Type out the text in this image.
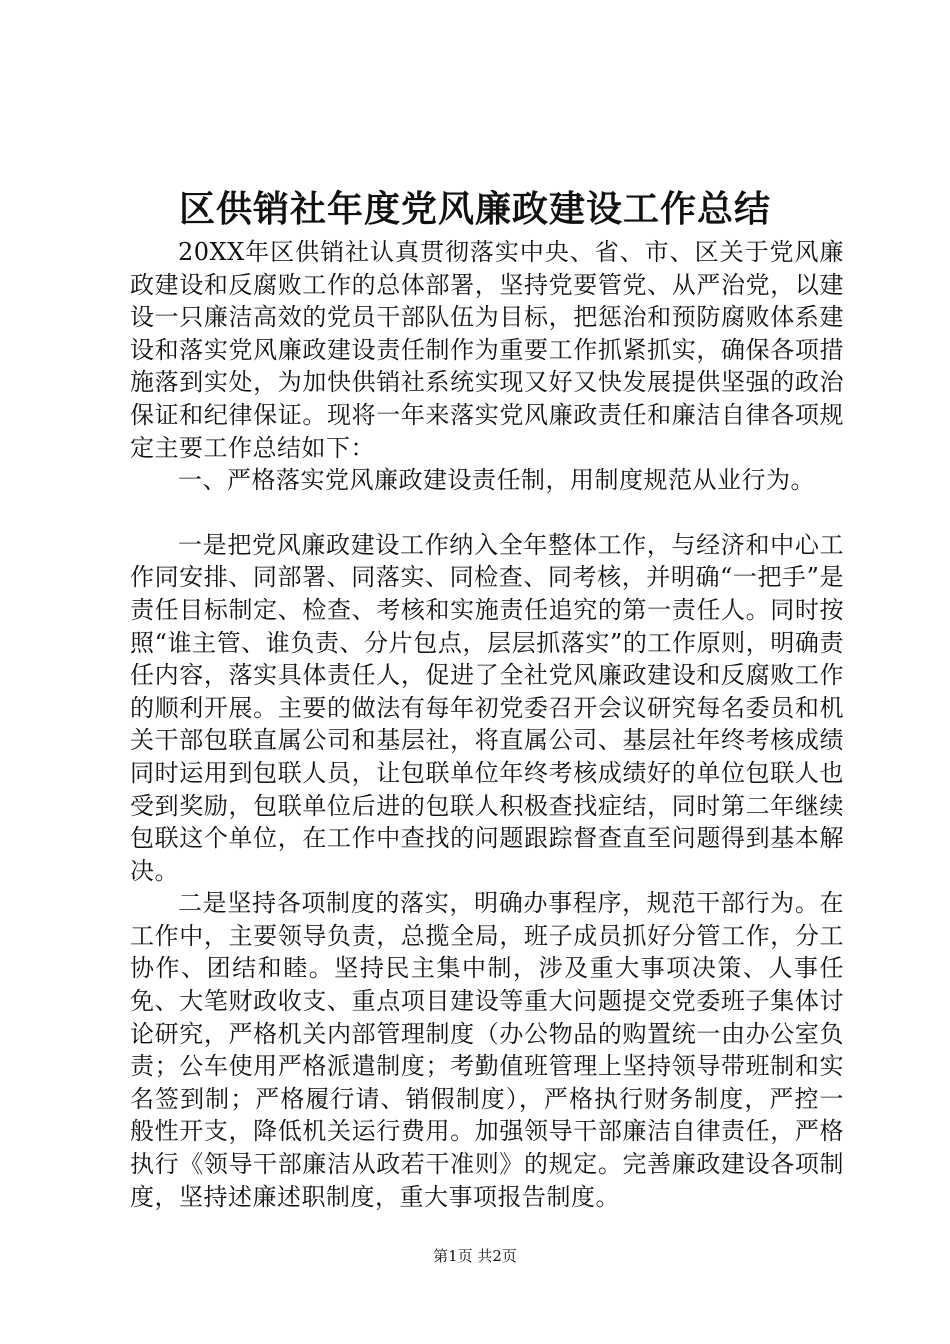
区供销社年度党风廉政建设工作总结

20XX年区供销社认真贯彻落实中央、省、市、区关于党风廉政建设和反腐败工作的总体部署，坚持党要管党、从严治党，以建设一只廉洁高效的党员干部队伍为目标，把惩治和预防腐败体系建设和落实党风廉政建设责任制作为重要工作抓紧抓实，确保各项措施落到实处，为加快供销社系统实现又好又快发展提供坚强的政治保证和纪律保证。现将一年来落实党风廉政责任和廉洁自律各项规定主要工作总结如下：

一、严格落实党风廉政建设责任制，用制度规范从业行为。

一是把党风廉政建设工作纳入全年整体工作，与经济和中心工作同安排、同部署、同落实、同检查、同考核，并明确“一把手”是责任目标制定、检查、考核和实施责任追究的第一责任人。同时按照“谁主管、谁负责、分片包点，层层抓落实”的工作原则，明确责任内容，落实具体责任人，促进了全社党风廉政建设和反腐败工作的顺利开展。主要的做法有每年初党委召开会议研究每名委员和机关干部包联直属公司和基层社，将直属公司、基层社年终考核成绩同时运用到包联人员，让包联单位年终考核成绩好的单位包联人也受到奖励，包联单位后进的包联人积极查找症结，同时第二年继续包联这个单位，在工作中查找的问题跟踪督查直至问题得到基本解决。

二是坚持各项制度的落实，明确办事程序，规范干部行为。在工作中，主要领导负责，总揽全局，班子成员抓好分管工作，分工协作、团结和睦。坚持民主集中制，涉及重大事项决策、人事任免、大笔财政收支、重点项目建设等重大问题提交党委班子集体讨论研究，严格机关内部管理制度（办公物品的购置统一由办公室负责；公车使用严格派遣制度；考勤值班管理上坚持领导带班制和实名签到制；严格履行请、销假制度），严格执行财务制度，严控一般性开支，降低机关运行费用。加强领导干部廉洁自律责任，严格执行《领导干部廉洁从政若干准则》的规定。完善廉政建设各项制度，坚持述廉述职制度，重大事项报告制度。

第1页 共2页
